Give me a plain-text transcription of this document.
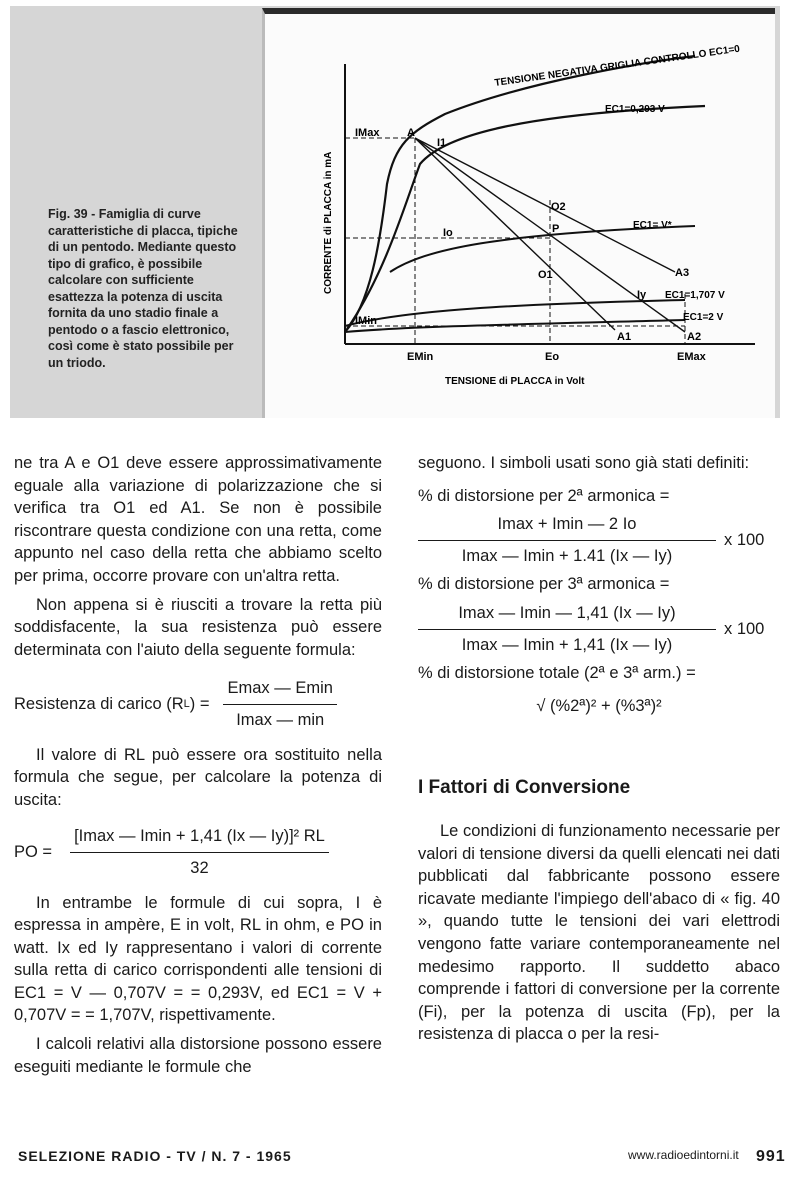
Fig. 39 - Famiglia di curve caratteristiche di placca, tipiche di un pentodo. Mediante questo tipo di grafico, è possibile calcolare con sufficiente esattezza la potenza di uscita fornita da uno stadio finale a pentodo o a fascio elettronico, così come è stato possibile per un triodo.
TENSIONE NEGATIVA GRIGLIA CONTROLLO EC1=0
EC1=0,293 V
EC1= V*
EC1=1,707 V
EC1=2 V
A
I1
O2
P
O1
Iy
A3
A1	A2
IMax
Io
IMin
EMin	Eo	EMax
TENSIONE di PLACCA in Volt
CORRENTE di PLACCA in mA

ne tra A e O1 deve essere approssimativamente eguale alla variazione di polarizzazione che si verifica tra O1 ed A1. Se non è possibile riscontrare questa condizione con una retta, come appunto nel caso della retta che abbiamo scelto per prima, occorre provare con un'altra retta.

Non appena si è riusciti a trovare la retta più soddisfacente, la sua resistenza può essere determinata con l'aiuto della seguente formula:

Resistenza di carico (R L ) = $\frac{Emax — Emin}{Imax — \min}$

Il valore di RL può essere ora sostituito nella formula che segue, per calcolare la potenza di uscita:

PO = $\frac{\text{[Imax — Imin + 1,41 (Ix — Iy)]² RL}}{32}$

In entrambe le formule di cui sopra, I è espressa in ampère, E in volt, RL in ohm, e PO in watt. Ix ed Iy rappresentano i valori di corrente sulla retta di carico corrispondenti alle tensioni di EC1 = V — 0,707V = = 0,293V, ed EC1 = V + 0,707V = = 1,707V, rispettivamente.

I calcoli relativi alla distorsione possono essere eseguiti mediante le formule che

seguono. I simboli usati sono già stati definiti:

% di distorsione per 2ª armonica =

$\frac{Imax + Imin — 2 Io}{Imax — Imin + 1.41 (Ix — Iy)}$ x 100

% di distorsione per 3ª armonica =

$\frac{Imax — Imin — 1,41 (Ix — Iy)}{Imax — Imin + 1,41 (Ix — Iy)}$ x 100

% di distorsione totale (2ª e 3ª arm.) =

√ (%2ª)² + (%3ª)²

I Fattori di Conversione

Le condizioni di funzionamento necessarie per valori di tensione diversi da quelli elencati nei dati pubblicati dal fabbricante possono essere ricavate mediante l'impiego dell'abaco di « fig. 40 », quando tutte le tensioni dei vari elettrodi vengono fatte variare contemporaneamente nel medesimo rapporto. Il suddetto abaco comprende i fattori di conversione per la corrente (Fi), per la potenza di uscita (Fp), per la resistenza di placca o per la resi-

SELEZIONE RADIO - TV / N. 7 - 1965	www.radioedintorni.it 991
